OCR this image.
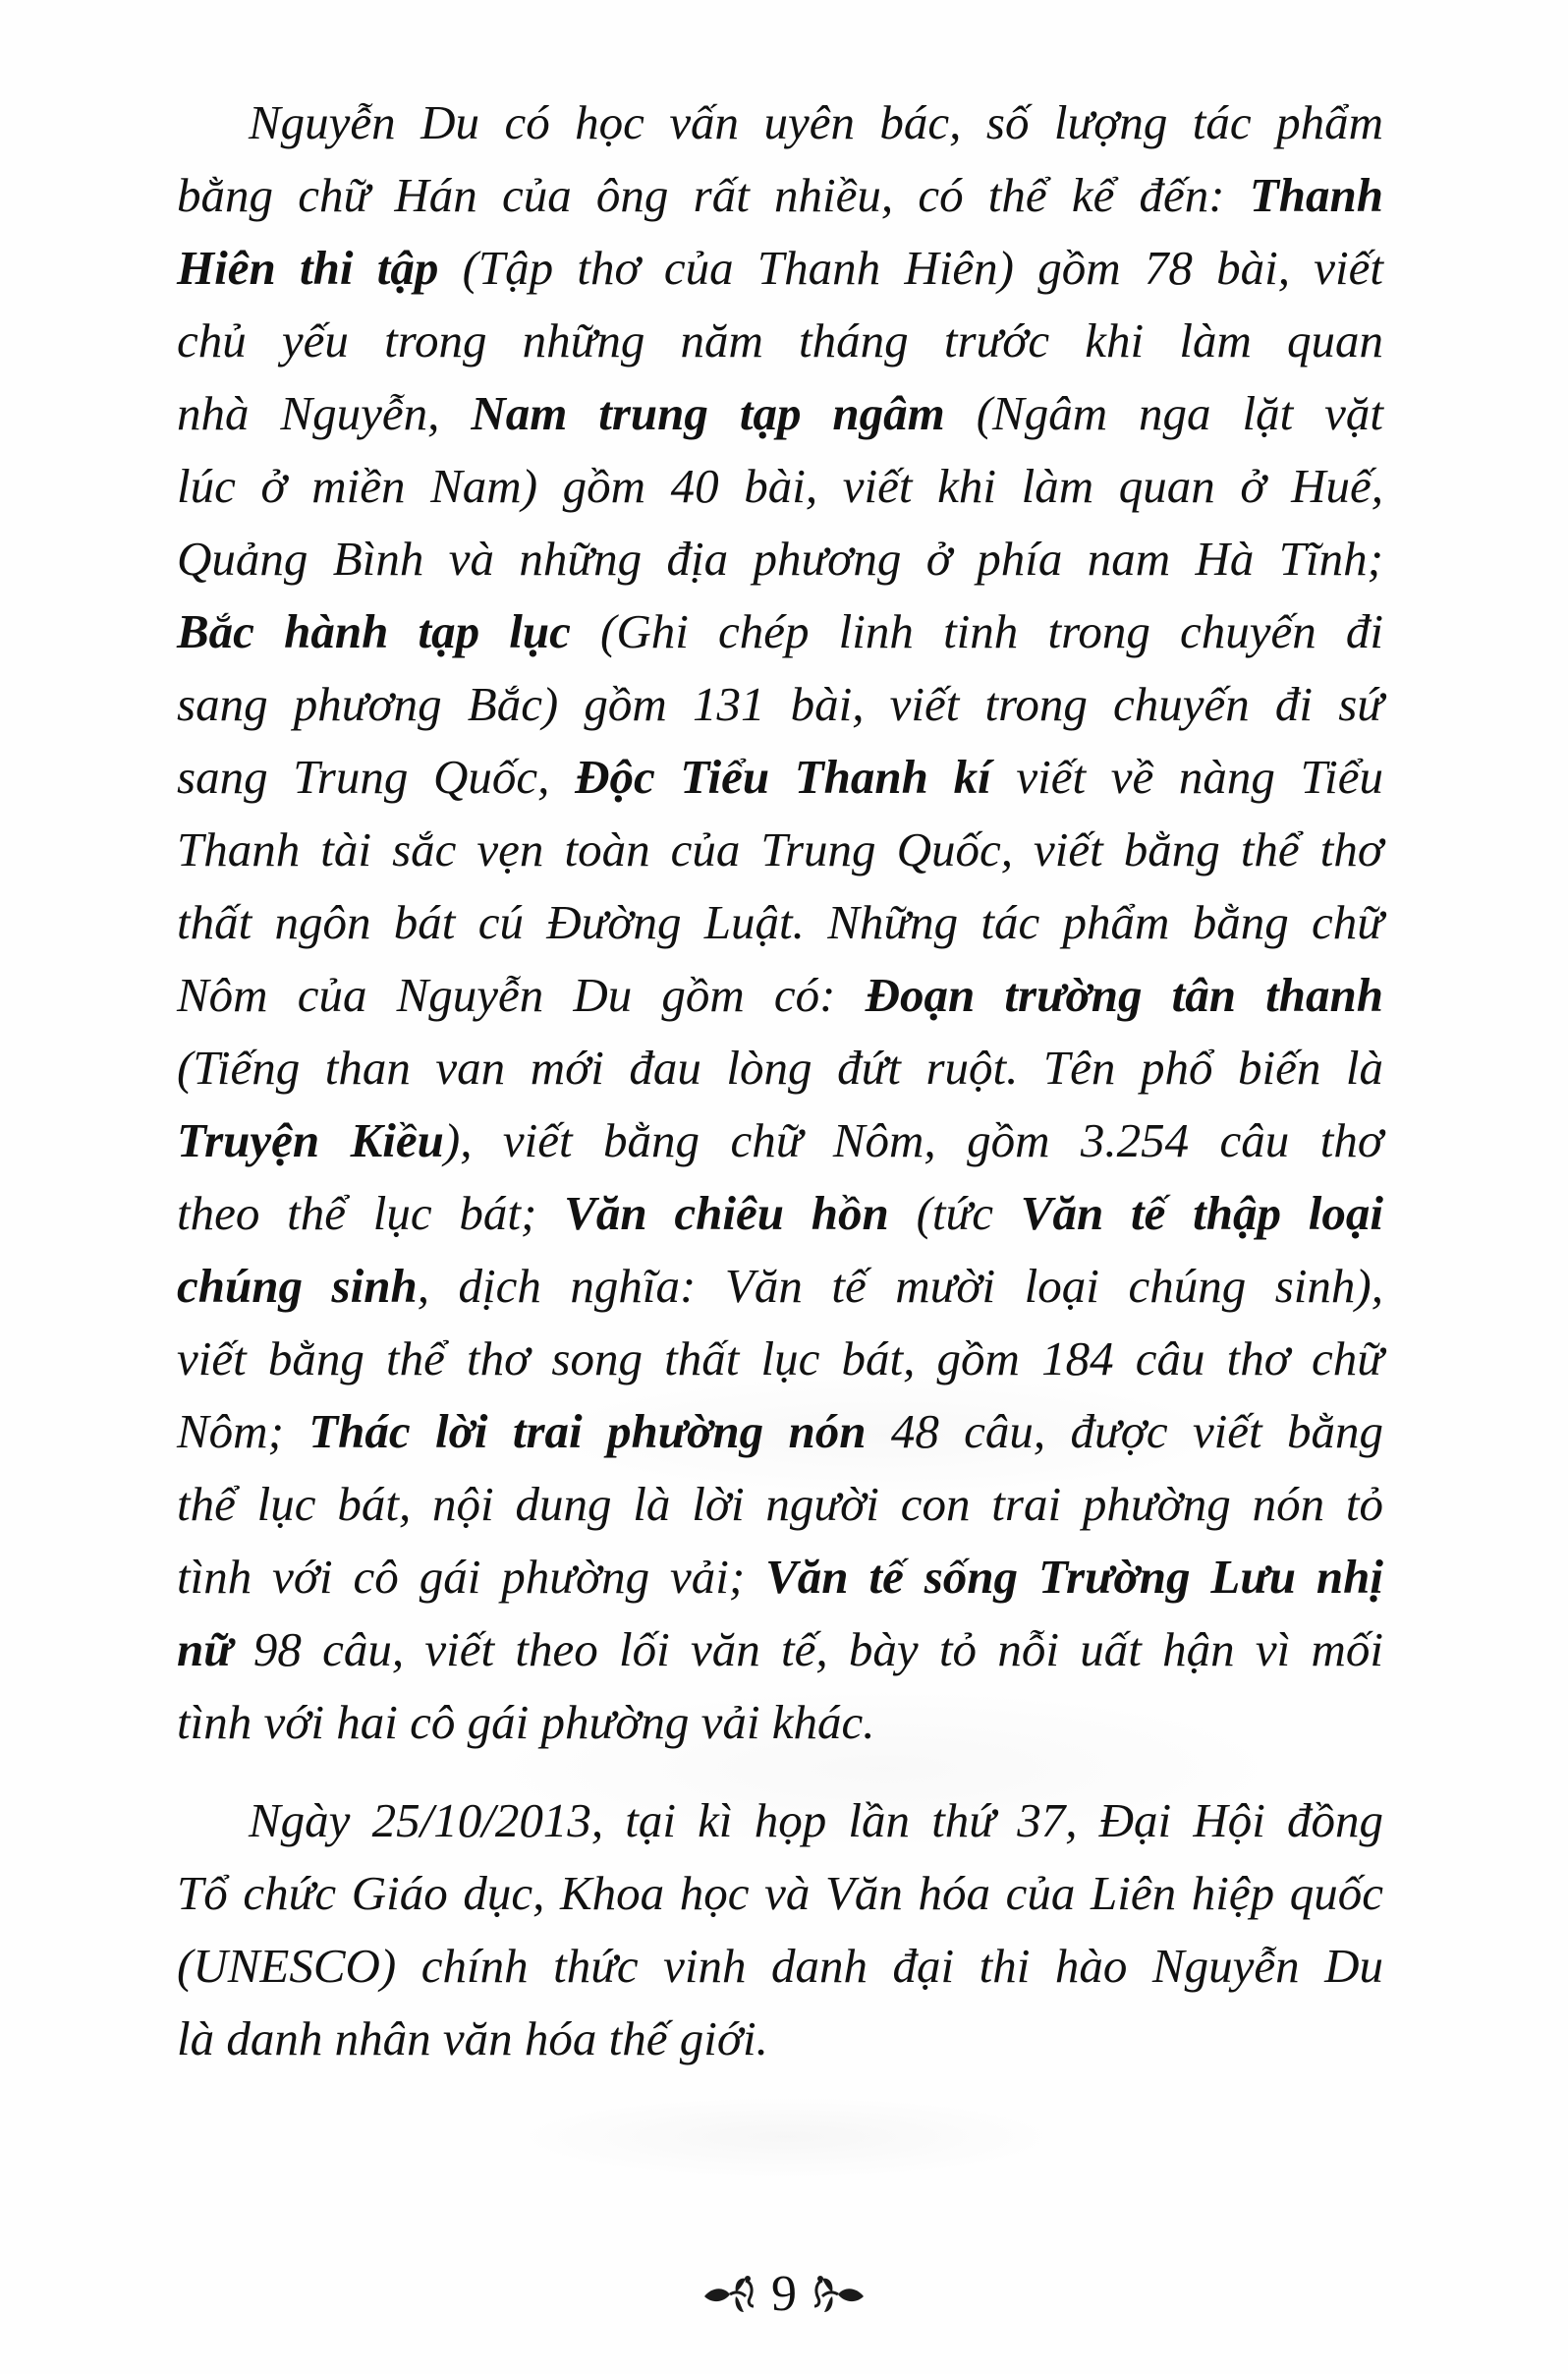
Nguyễn Du có học vấn uyên bác, số lượng tác phẩm
bằng chữ Hán của ông rất nhiều, có thể kể đến: Thanh
Hiên thi tập (Tập thơ của Thanh Hiên) gồm 78 bài, viết
chủ yếu trong những năm tháng trước khi làm quan
nhà Nguyễn, Nam trung tạp ngâm (Ngâm nga lặt vặt
lúc ở miền Nam) gồm 40 bài, viết khi làm quan ở Huế,
Quảng Bình và những địa phương ở phía nam Hà Tĩnh;
Bắc hành tạp lục (Ghi chép linh tinh trong chuyến đi
sang phương Bắc) gồm 131 bài, viết trong chuyến đi sứ
sang Trung Quốc, Độc Tiểu Thanh kí viết về nàng Tiểu
Thanh tài sắc vẹn toàn của Trung Quốc, viết bằng thể thơ
thất ngôn bát cú Đường Luật. Những tác phẩm bằng chữ
Nôm của Nguyễn Du gồm có: Đoạn trường tân thanh
(Tiếng than van mới đau lòng đứt ruột. Tên phổ biến là
Truyện Kiều), viết bằng chữ Nôm, gồm 3.254 câu thơ
theo thể lục bát; Văn chiêu hồn (tức Văn tế thập loại
chúng sinh, dịch nghĩa: Văn tế mười loại chúng sinh),
viết bằng thể thơ song thất lục bát, gồm 184 câu thơ chữ
Nôm; Thác lời trai phường nón 48 câu, được viết bằng
thể lục bát, nội dung là lời người con trai phường nón tỏ
tình với cô gái phường vải; Văn tế sống Trường Lưu nhị
nữ 98 câu, viết theo lối văn tế, bày tỏ nỗi uất hận vì mối
tình với hai cô gái phường vải khác.
Ngày 25/10/2013, tại kì họp lần thứ 37, Đại Hội đồng
Tổ chức Giáo dục, Khoa học và Văn hóa của Liên hiệp quốc
(UNESCO) chính thức vinh danh đại thi hào Nguyễn Du
là danh nhân văn hóa thế giới.
9
